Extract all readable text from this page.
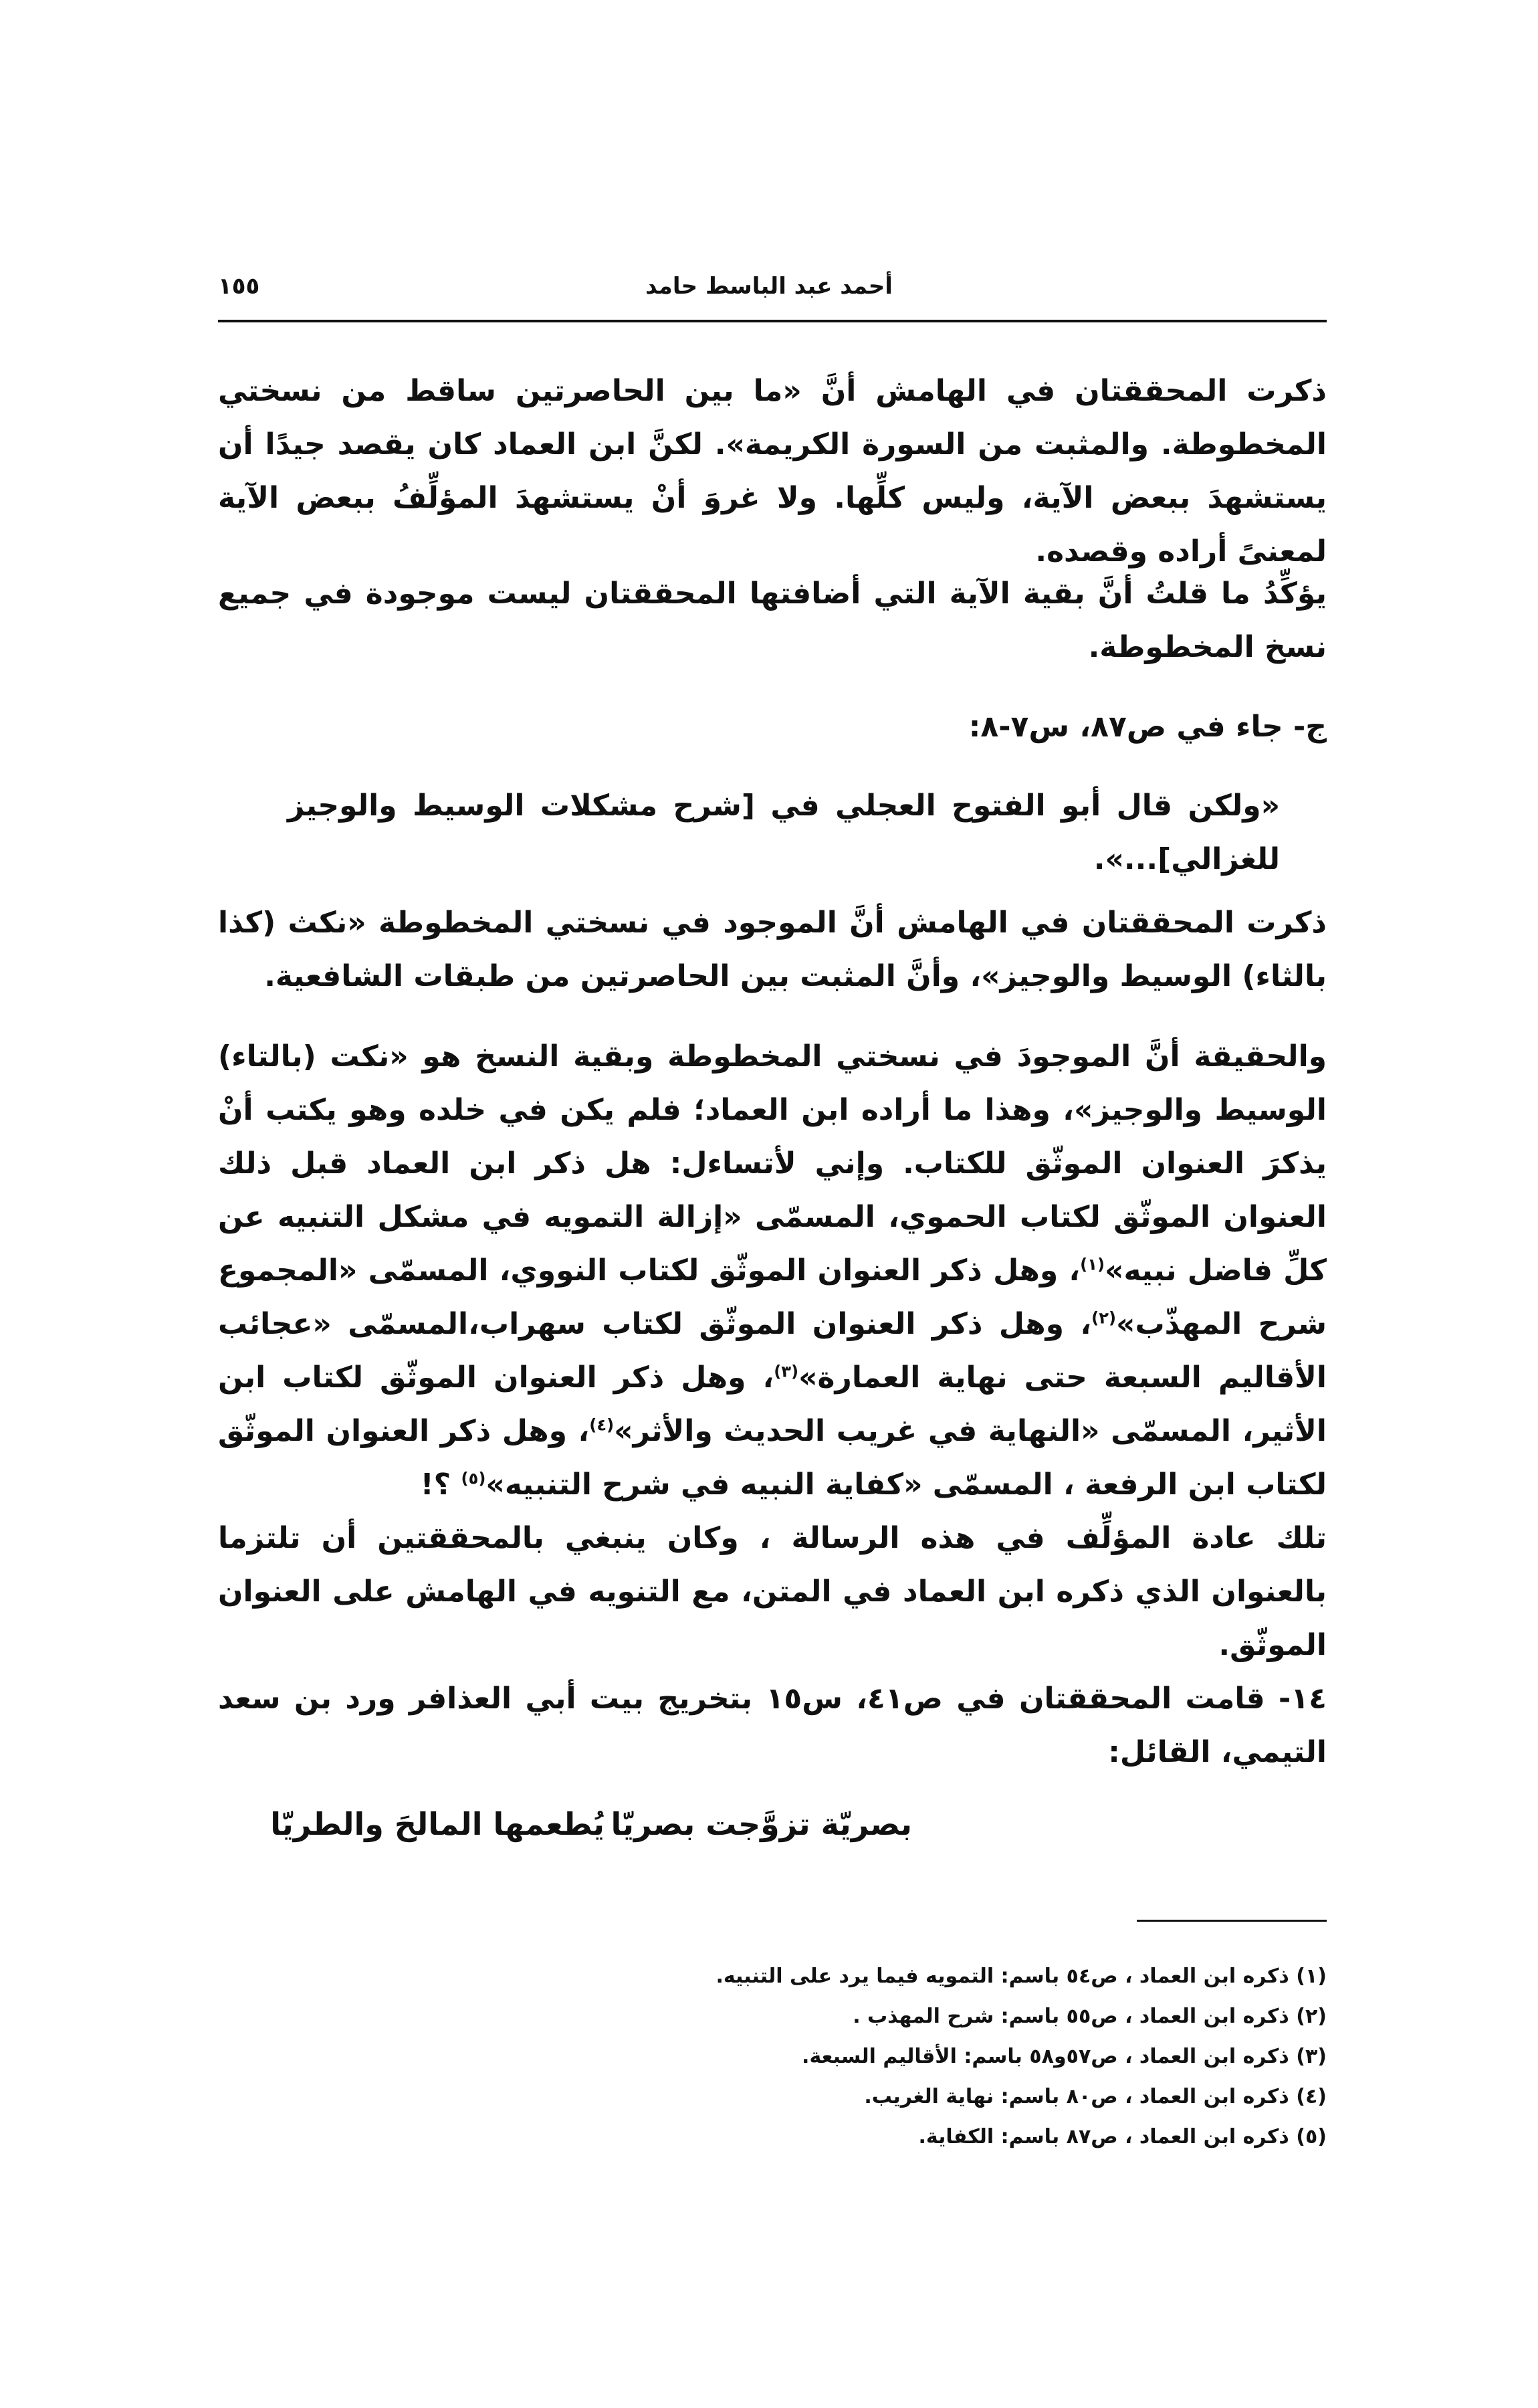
أحمد عبد الباسط حامد
١٥٥

ذكرت المحققتان في الهامش أنَّ «ما بين الحاصرتين ساقط من نسختي المخطوطة. والمثبت من السورة الكريمة». لكنَّ ابن العماد كان يقصد جيدًا أن يستشهدَ ببعض الآية، وليس كلِّها. ولا غروَ أنْ يستشهدَ المؤلِّفُ ببعض الآية لمعنىً أراده وقصده.

يؤكِّدُ ما قلتُ أنَّ بقية الآية التي أضافتها المحققتان ليست موجودة في جميع نسخ المخطوطة.

ج- جاء في ص٨٧، س٧-٨:

«ولكن قال أبو الفتوح العجلي في [شرح مشكلات الوسيط والوجيز للغزالي]...».

ذكرت المحققتان في الهامش أنَّ الموجود في نسختي المخطوطة «نكث (كذا بالثاء) الوسيط والوجيز»، وأنَّ المثبت بين الحاصرتين من طبقات الشافعية.

والحقيقة أنَّ الموجودَ في نسختي المخطوطة وبقية النسخ هو «نكت (بالتاء) الوسيط والوجيز»، وهذا ما أراده ابن العماد؛ فلم يكن في خلده وهو يكتب أنْ يذكرَ العنوان الموثّق للكتاب. وإني لأتساءل: هل ذكر ابن العماد قبل ذلك العنوان الموثّق لكتاب الحموي، المسمّى «إزالة التمويه في مشكل التنبيه عن كلِّ فاضل نبيه»$^{(١)}$، وهل ذكر العنوان الموثّق لكتاب النووي، المسمّى «المجموع شرح المهذّب»$^{(٢)}$، وهل ذكر العنوان الموثّق لكتاب سهراب،المسمّى «عجائب الأقاليم السبعة حتى نهاية العمارة»$^{(٣)}$، وهل ذكر العنوان الموثّق لكتاب ابن الأثير، المسمّى «النهاية في غريب الحديث والأثر»$^{(٤)}$، وهل ذكر العنوان الموثّق لكتاب ابن الرفعة ، المسمّى «كفاية النبيه في شرح التنبيه»$^{(٥)}$ ؟!

تلك عادة المؤلِّف في هذه الرسالة ، وكان ينبغي بالمحققتين أن تلتزما بالعنوان الذي ذكره ابن العماد في المتن، مع التنويه في الهامش على العنوان الموثّق.

١٤- قامت المحققتان في ص٤١، س١٥ بتخريج بيت أبي العذافر ورد بن سعد التيمي، القائل:

بصريّة تزوَّجت بصريّا
يُطعمها المالحَ والطريّا
(١) ذكره ابن العماد ، ص٥٤ باسم: التمويه فيما يرد على التنبيه.
(٢) ذكره ابن العماد ، ص٥٥ باسم: شرح المهذب .
(٣) ذكره ابن العماد ، ص٥٧و٥٨ باسم: الأقاليم السبعة.
(٤) ذكره ابن العماد ، ص٨٠ باسم: نهاية الغريب.
(٥) ذكره ابن العماد ، ص٨٧ باسم: الكفاية.
